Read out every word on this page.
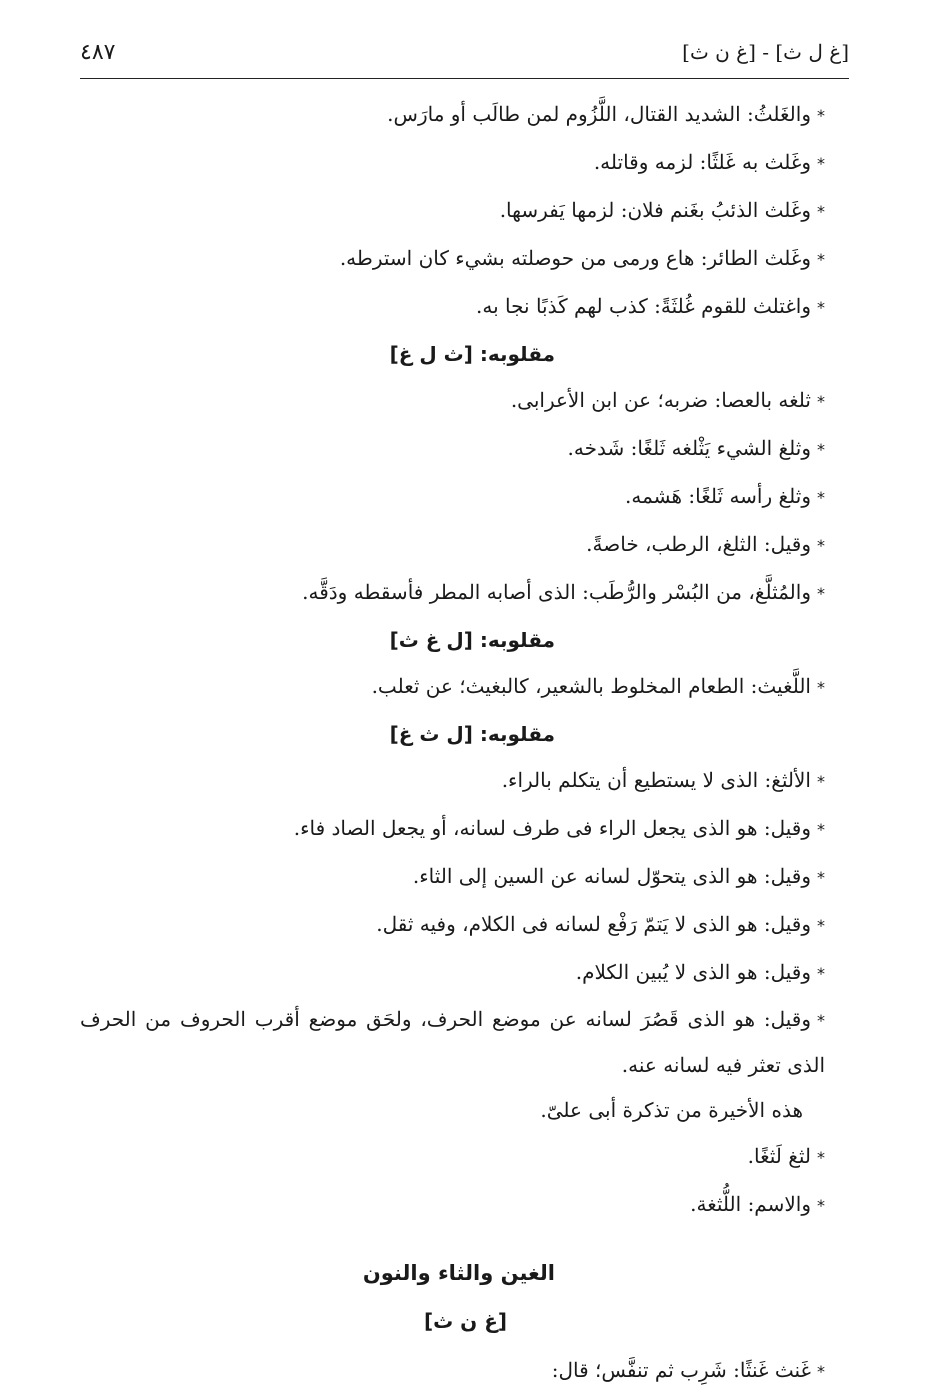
[غ ل ث] - [غ ن ث]
٤٨٧
*والغَلثُ: الشديد القتال، اللَّزُوم لمن طالَب أو مارَس.
*وغَلث به غَلثًا: لزمه وقاتله.
*وغَلث الذئبُ بغَنم فلان: لزمها يَفرسها.
*وغَلث الطائر: هاع ورمى من حوصلته بشيء كان استرطه.
*واغتلث للقوم غُلثَةً: كذب لهم كَذبًا نجا به.
مقلوبه: [ث ل غ]
*ثلغه بالعصا: ضربه؛ عن ابن الأعرابى.
*وثلغ الشيء يَثْلغه ثَلغًا: شَدخه.
*وثلغ رأسه ثَلغًا: هَشمه.
*وقيل: الثلغ، الرطب، خاصةً.
*والمُثلَّغ، من البُسْر والرُّطَب: الذى أصابه المطر فأسقطه ودَقَّه.
مقلوبه: [ل غ ث]
*اللَّغيث: الطعام المخلوط بالشعير، كالبغيث؛ عن ثعلب.
مقلوبه: [ل ث غ]
*الألثغ: الذى لا يستطيع أن يتكلم بالراء.
*وقيل: هو الذى يجعل الراء فى طرف لسانه، أو يجعل الصاد فاء.
*وقيل: هو الذى يتحوّل لسانه عن السين إلى الثاء.
*وقيل: هو الذى لا يَتمّ رَفْع لسانه فى الكلام، وفيه ثقل.
*وقيل: هو الذى لا يُبين الكلام.
*وقيل: هو الذى قَصُرَ لسانه عن موضع الحرف، ولحَق موضع أقرب الحروف من الحرف الذى تعثر فيه لسانه عنه.
هذه الأخيرة من تذكرة أبى علىّ.
*لثغ لَثغًا.
*والاسم: اللُّثغة.
الغين والثاء والنون
[غ ن ث]
*غَنث غَنثًا: شَرِب ثم تنفَّس؛ قال:
